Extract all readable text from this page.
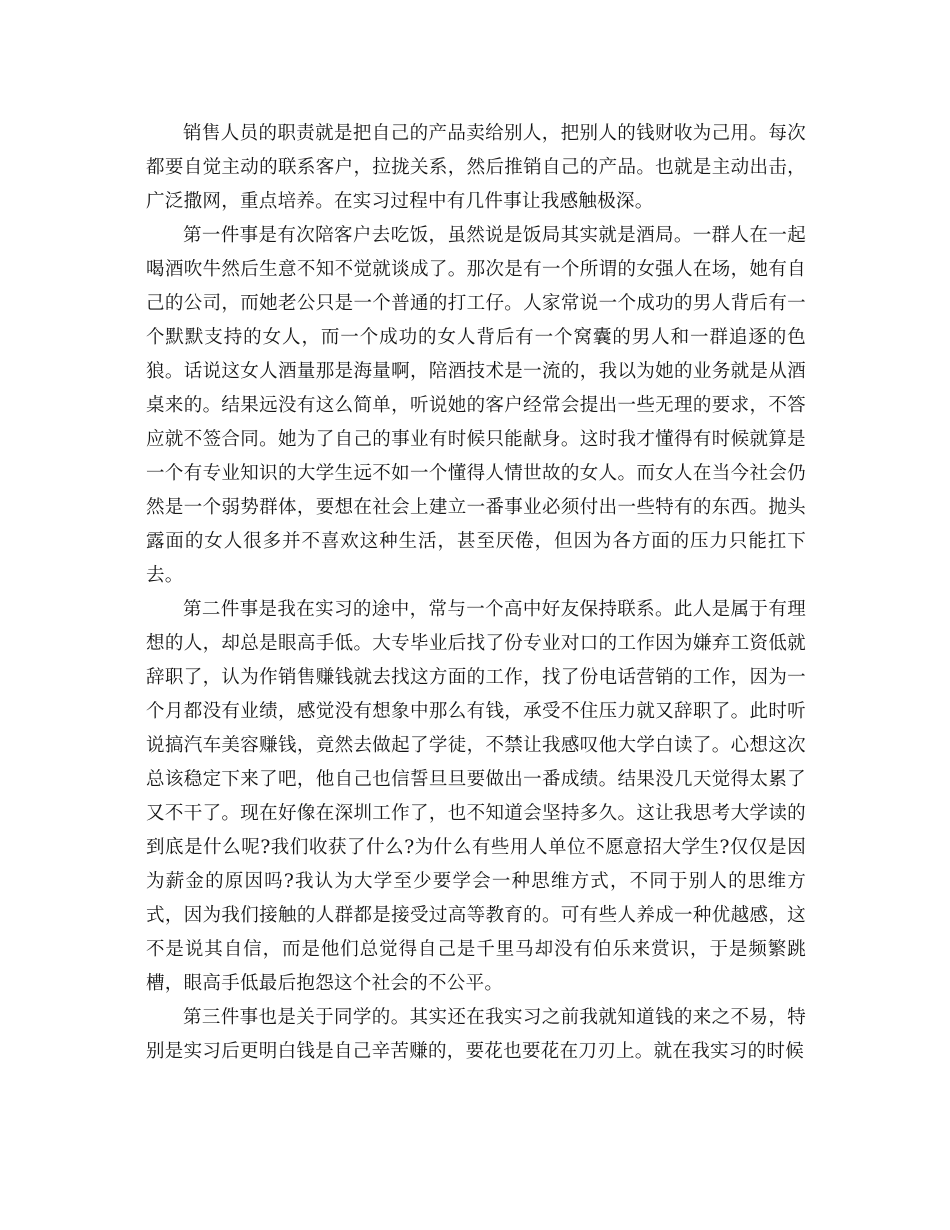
销售人员的职责就是把自己的产品卖给别人，把别人的钱财收为己用。每次都要自觉主动的联系客户，拉拢关系，然后推销自己的产品。也就是主动出击，广泛撒网，重点培养。在实习过程中有几件事让我感触极深。

第一件事是有次陪客户去吃饭，虽然说是饭局其实就是酒局。一群人在一起喝酒吹牛然后生意不知不觉就谈成了。那次是有一个所谓的女强人在场，她有自己的公司，而她老公只是一个普通的打工仔。人家常说一个成功的男人背后有一个默默支持的女人，而一个成功的女人背后有一个窝囊的男人和一群追逐的色狼。话说这女人酒量那是海量啊，陪酒技术是一流的，我以为她的业务就是从酒桌来的。结果远没有这么简单，听说她的客户经常会提出一些无理的要求，不答应就不签合同。她为了自己的事业有时候只能献身。这时我才懂得有时候就算是一个有专业知识的大学生远不如一个懂得人情世故的女人。而女人在当今社会仍然是一个弱势群体，要想在社会上建立一番事业必须付出一些特有的东西。抛头露面的女人很多并不喜欢这种生活，甚至厌倦，但因为各方面的压力只能扛下去。

第二件事是我在实习的途中，常与一个高中好友保持联系。此人是属于有理想的人，却总是眼高手低。大专毕业后找了份专业对口的工作因为嫌弃工资低就辞职了，认为作销售赚钱就去找这方面的工作，找了份电话营销的工作，因为一个月都没有业绩，感觉没有想象中那么有钱，承受不住压力就又辞职了。此时听说搞汽车美容赚钱，竟然去做起了学徒，不禁让我感叹他大学白读了。心想这次总该稳定下来了吧，他自己也信誓旦旦要做出一番成绩。结果没几天觉得太累了又不干了。现在好像在深圳工作了，也不知道会坚持多久。这让我思考大学读的到底是什么呢?我们收获了什么?为什么有些用人单位不愿意招大学生?仅仅是因为薪金的原因吗?我认为大学至少要学会一种思维方式，不同于别人的思维方式，因为我们接触的人群都是接受过高等教育的。可有些人养成一种优越感，这不是说其自信，而是他们总觉得自己是千里马却没有伯乐来赏识，于是频繁跳槽，眼高手低最后抱怨这个社会的不公平。

第三件事也是关于同学的。其实还在我实习之前我就知道钱的来之不易，特别是实习后更明白钱是自己辛苦赚的，要花也要花在刀刃上。就在我实习的时候
